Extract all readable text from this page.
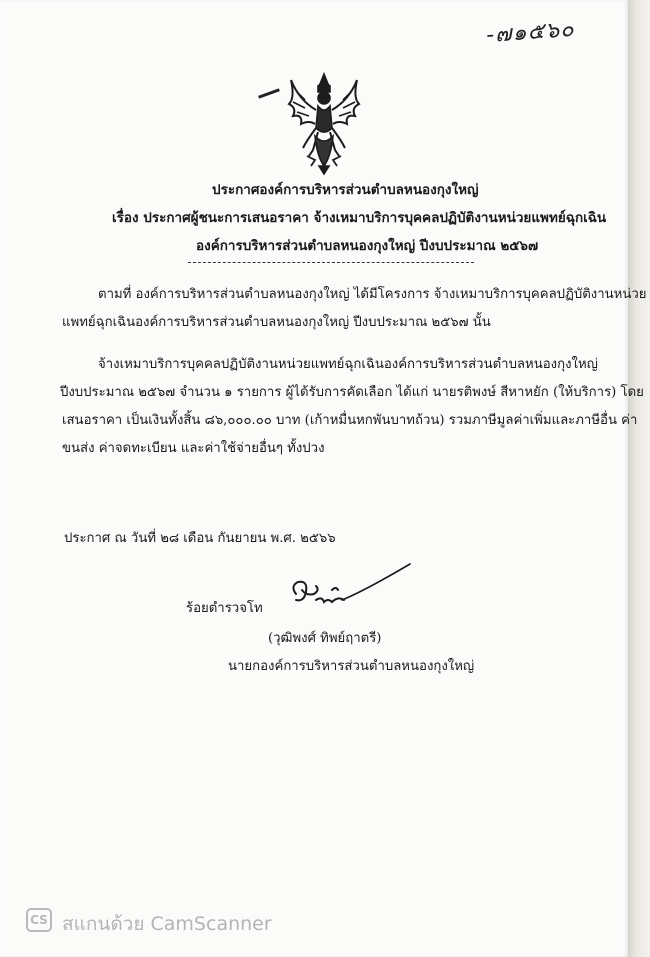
-๗๑๕๖๐
ประกาศองค์การบริหารส่วนตำบลหนองกุงใหญ่
เรื่อง ประกาศผู้ชนะการเสนอราคา จ้างเหมาบริการบุคคลปฏิบัติงานหน่วยแพทย์ฉุกเฉิน
องค์การบริหารส่วนตำบลหนองกุงใหญ่ ปีงบประมาณ ๒๕๖๗
ตามที่ องค์การบริหารส่วนตำบลหนองกุงใหญ่ ได้มีโครงการ จ้างเหมาบริการบุคคลปฏิบัติงานหน่วย
แพทย์ฉุกเฉินองค์การบริหารส่วนตำบลหนองกุงใหญ่ ปีงบประมาณ ๒๕๖๗ นั้น
จ้างเหมาบริการบุคคลปฏิบัติงานหน่วยแพทย์ฉุกเฉินองค์การบริหารส่วนตำบลหนองกุงใหญ่
ปีงบประมาณ ๒๕๖๗ จำนวน ๑ รายการ ผู้ได้รับการคัดเลือก ได้แก่ นายรติพงษ์ สีหาหยัก (ให้บริการ) โดย
เสนอราคา เป็นเงินทั้งสิ้น ๘๖,๐๐๐.๐๐ บาท (เก้าหมื่นหกพันบาทถ้วน) รวมภาษีมูลค่าเพิ่มและภาษีอื่น ค่า
ขนส่ง ค่าจดทะเบียน และค่าใช้จ่ายอื่นๆ ทั้งปวง
ประกาศ ณ วันที่ ๒๘ เดือน กันยายน พ.ศ. ๒๕๖๖
ร้อยตำรวจโท
(วุฒิพงศ์ ทิพย์ฤาตรี)
นายกองค์การบริหารส่วนตำบลหนองกุงใหญ่
CS สแกนด้วย CamScanner
